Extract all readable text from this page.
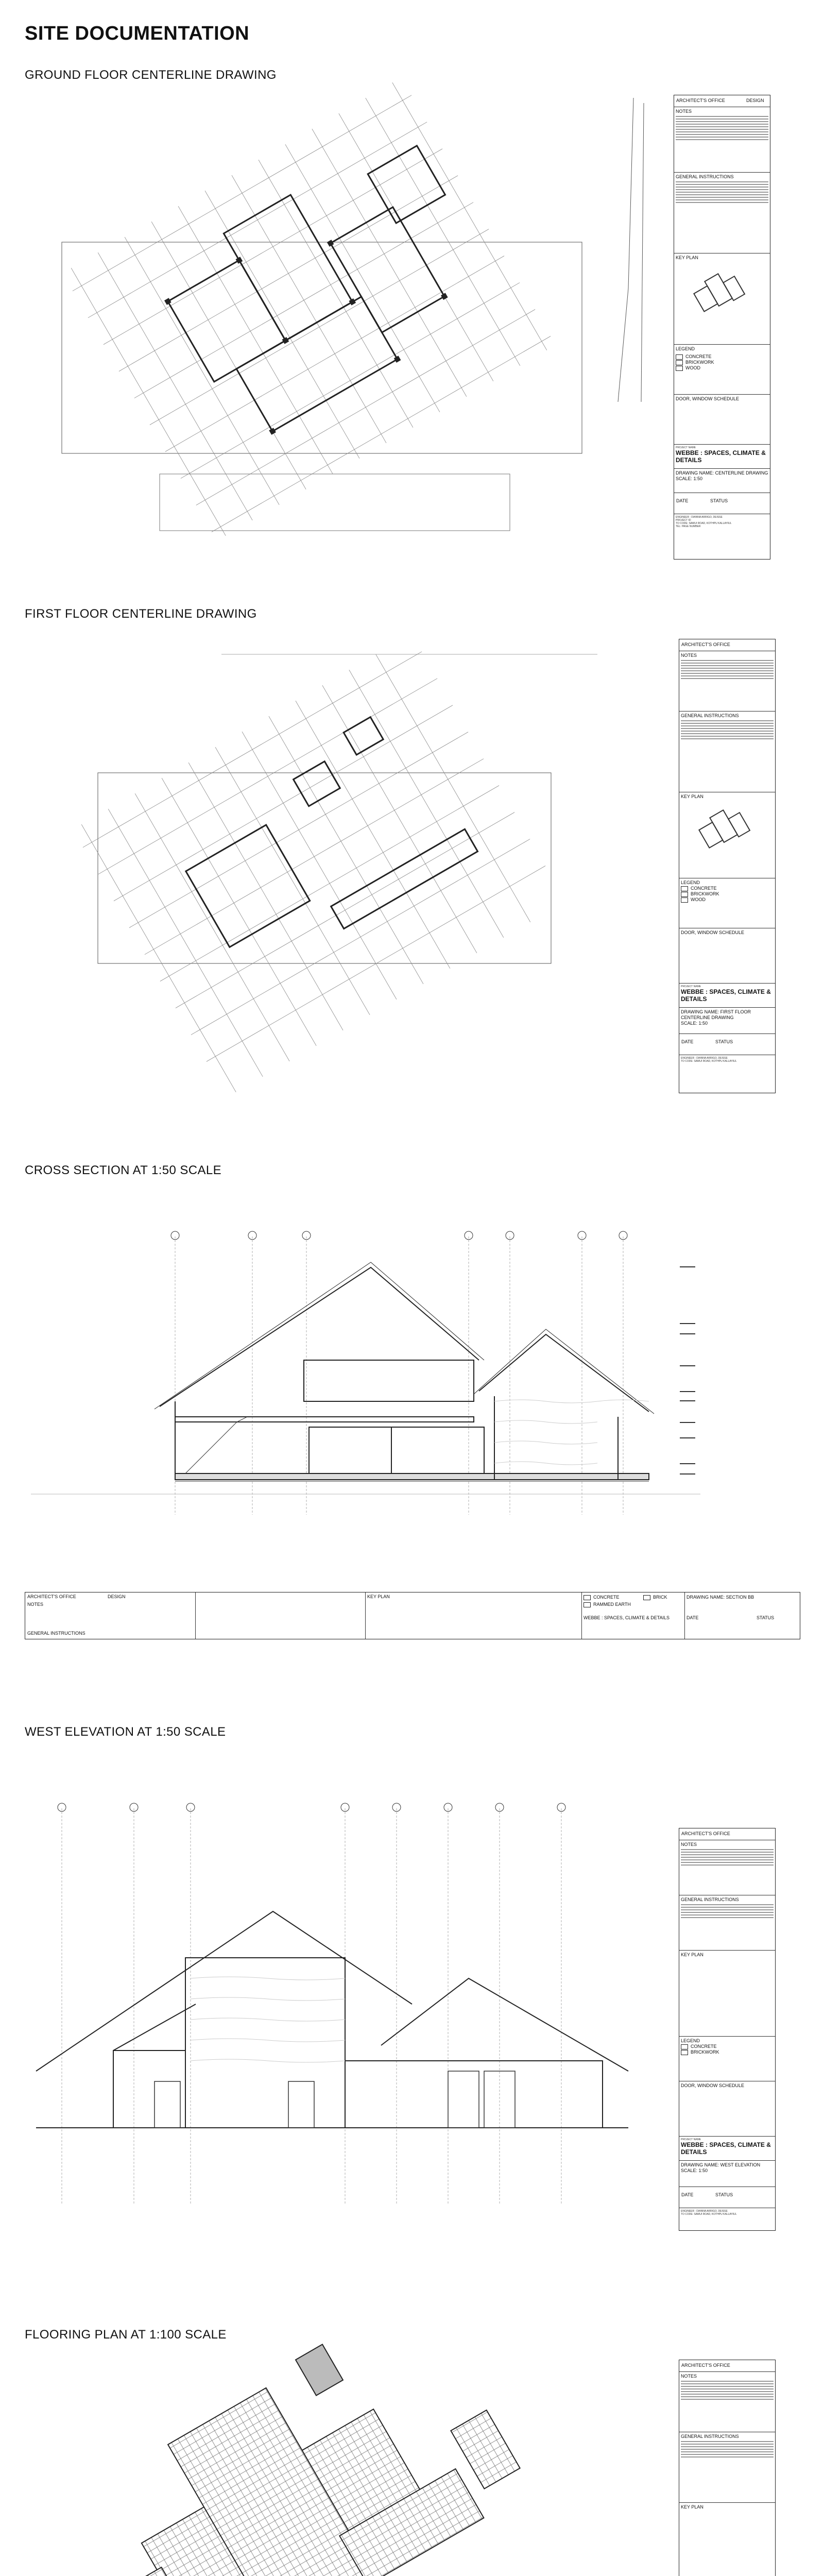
SITE DOCUMENTATION
GROUND FLOOR CENTERLINE DRAWING
ARCHITECT'S OFFICE	DESIGN
NOTES
GENERAL INSTRUCTIONS
KEY PLAN
LEGEND
CONCRETE
BRICKWORK
WOOD
DOOR, WINDOW SCHEDULE
PROJECT NAME
WEBBE : SPACES, CLIMATE & DETAILS
DRAWING NAME: CENTERLINE DRAWING
SCALE: 1:50
DATE	STATUS
ENGINEER : DIANNA ARRIGO, DEISSE
PROJECT ID
TO CODE: SAMUI ROAD, KOTHPU KALLAYIUL
TEL: PAGE NUMBER
FIRST FLOOR CENTERLINE DRAWING
ARCHITECT'S OFFICE
NOTES
GENERAL INSTRUCTIONS
KEY PLAN
LEGEND
CONCRETE
BRICKWORK
WOOD
DOOR, WINDOW SCHEDULE
PROJECT NAME
WEBBE : SPACES, CLIMATE & DETAILS
DRAWING NAME: FIRST FLOOR CENTERLINE DRAWING
SCALE: 1:50
DATE	STATUS
ENGINEER : DIANNA ARRIGO, DEISSE
TO CODE: SAMUI ROAD, KOTHPU KALLAYIUL
CROSS SECTION AT 1:50 SCALE
ARCHITECT'S OFFICE	DESIGN
NOTES
GENERAL INSTRUCTIONS
KEY PLAN	CONCRETE	BRICK
RAMMED EARTH
WEBBE : SPACES, CLIMATE & DETAILS
DRAWING NAME: SECTION BB
DATE	STATUS
WEST ELEVATION AT 1:50 SCALE
ARCHITECT'S OFFICE
NOTES
GENERAL INSTRUCTIONS
KEY PLAN
LEGEND
CONCRETE
BRICKWORK
DOOR, WINDOW SCHEDULE
PROJECT NAME
WEBBE : SPACES, CLIMATE & DETAILS
DRAWING NAME: WEST ELEVATION
SCALE: 1:50
DATE	STATUS
ENGINEER : DIANNA ARRIGO, DEISSE
TO CODE: SAMUI ROAD, KOTHPU KALLAYIUL
FLOORING PLAN AT 1:100 SCALE
ARCHITECT'S OFFICE
NOTES
GENERAL INSTRUCTIONS
KEY PLAN
